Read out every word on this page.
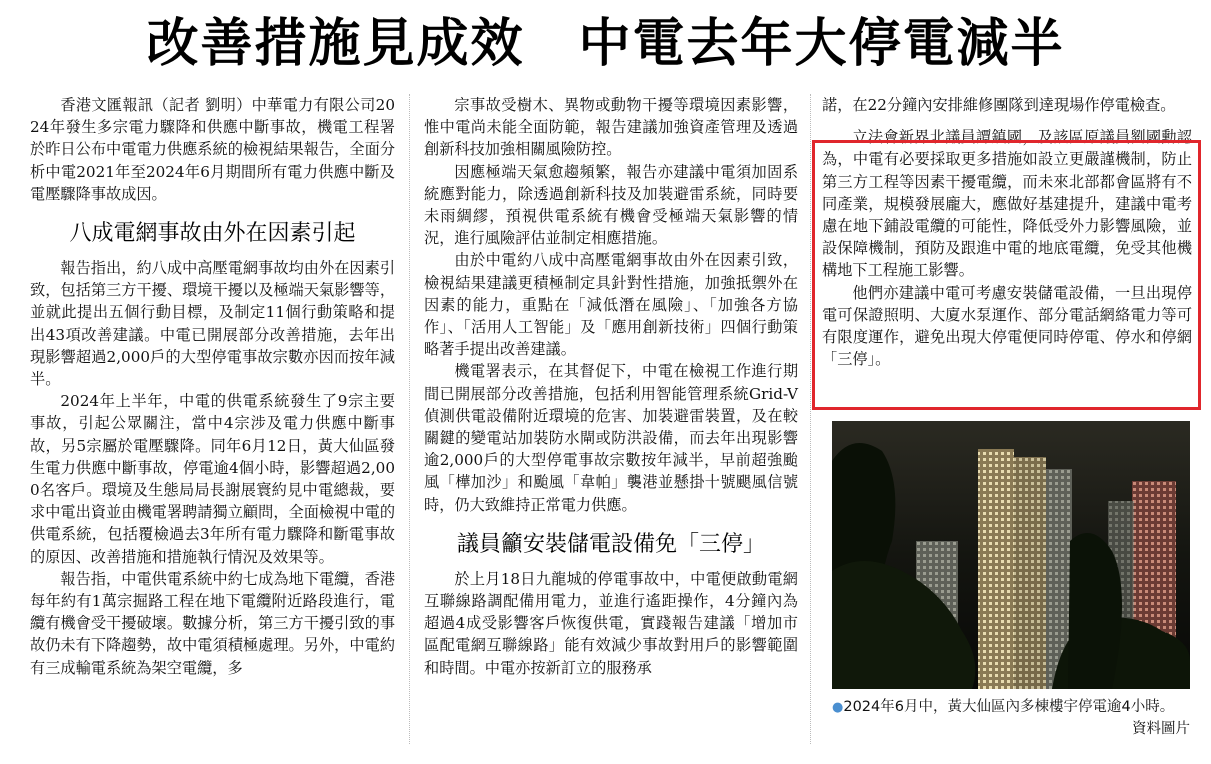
改善措施見成效　中電去年大停電減半

香港文匯報訊（記者 劉明）中華電力有限公司2024年發生多宗電力驟降和供應中斷事故，機電工程署於昨日公布中電電力供應系統的檢視結果報告，全面分析中電2021年至2024年6月期間所有電力供應中斷及電壓驟降事故成因。

八成電網事故由外在因素引起

報告指出，約八成中高壓電網事故均由外在因素引致，包括第三方干擾、環境干擾以及極端天氣影響等，並就此提出五個行動目標，及制定11個行動策略和提出43項改善建議。中電已開展部分改善措施，去年出現影響超過2,000戶的大型停電事故宗數亦因而按年減半。

2024年上半年，中電的供電系統發生了9宗主要事故，引起公眾關注，當中4宗涉及電力供應中斷事故，另5宗屬於電壓驟降。同年6月12日，黃大仙區發生電力供應中斷事故，停電逾4個小時，影響超過2,000名客戶。環境及生態局局長謝展寰約見中電總裁，要求中電出資並由機電署聘請獨立顧問，全面檢視中電的供電系統，包括覆檢過去3年所有電力驟降和斷電事故的原因、改善措施和措施執行情況及效果等。

報告指，中電供電系統中約七成為地下電纜，香港每年約有1萬宗掘路工程在地下電纜附近路段進行，電纜有機會受干擾破壞。數據分析，第三方干擾引致的事故仍未有下降趨勢，故中電須積極處理。另外，中電約有三成輸電系統為架空電纜，多

宗事故受樹木、異物或動物干擾等環境因素影響，惟中電尚未能全面防範，報告建議加強資產管理及透過創新科技加強相關風險防控。

因應極端天氣愈趨頻繁，報告亦建議中電須加固系統應對能力，除透過創新科技及加裝避雷系統，同時要未雨綢繆，預視供電系統有機會受極端天氣影響的情況，進行風險評估並制定相應措施。

由於中電約八成中高壓電網事故由外在因素引致，檢視結果建議更積極制定具針對性措施，加強抵禦外在因素的能力，重點在「減低潛在風險」、「加強各方協作」、「活用人工智能」及「應用創新技術」四個行動策略著手提出改善建議。

機電署表示，在其督促下，中電在檢視工作進行期間已開展部分改善措施，包括利用智能管理系統Grid-V偵測供電設備附近環境的危害、加裝避雷裝置，及在較關鍵的變電站加裝防水閘或防洪設備，而去年出現影響逾2,000戶的大型停電事故宗數按年減半，早前超強颱風「樺加沙」和颱風「韋帕」襲港並懸掛十號颶風信號時，仍大致維持正常電力供應。

議員籲安裝儲電設備免「三停」

於上月18日九龍城的停電事故中，中電便啟動電網互聯線路調配備用電力，並進行遙距操作，4分鐘內為超過4成受影響客戶恢復供電，實踐報告建議「增加市區配電網互聯線路」能有效減少事故對用戶的影響範圍和時間。中電亦按新訂立的服務承

諾，在22分鐘內安排維修團隊到達現場作停電檢查。

立法會新界北議員譚鎮國，及該區原議員劉國勳認為，中電有必要採取更多措施如設立更嚴謹機制，防止第三方工程等因素干擾電纜，而未來北部都會區將有不同產業，規模發展龐大，應做好基建提升，建議中電考慮在地下鋪設電纜的可能性，降低受外力影響風險，並設保障機制，預防及跟進中電的地底電纜，免受其他機構地下工程施工影響。

他們亦建議中電可考慮安裝儲電設備，一旦出現停電可保證照明、大廈水泵運作、部分電話網絡電力等可有限度運作，避免出現大停電便同時停電、停水和停網「三停」。

●2024年6月中，黃大仙區內多棟樓宇停電逾4小時。
資料圖片
